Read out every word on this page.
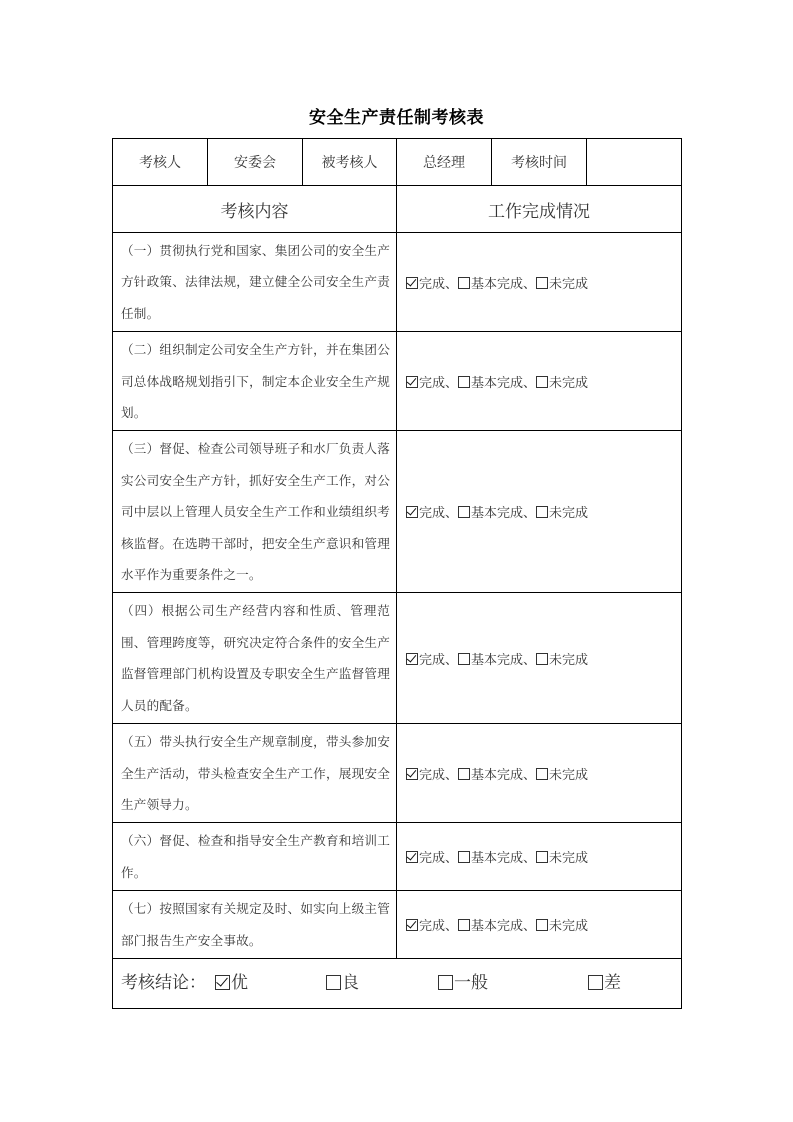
安全生产责任制考核表
考核人	安委会	被考核人	总经理	考核时间	
考核内容			工作完成情况		
（一）贯彻执行党和国家、集团公司的安全生产方针政策、法律法规，建立健全公司安全生产责任制。			完成、 基本完成、 未完成		
（二）组织制定公司安全生产方针，并在集团公司总体战略规划指引下，制定本企业安全生产规划。			完成、 基本完成、 未完成		
（三）督促、检查公司领导班子和水厂负责人落实公司安全生产方针，抓好安全生产工作，对公司中层以上管理人员安全生产工作和业绩组织考核监督。在选聘干部时，把安全生产意识和管理水平作为重要条件之一。			完成、 基本完成、 未完成		
（四）根据公司生产经营内容和性质、管理范围、管理跨度等，研究决定符合条件的安全生产监督管理部门机构设置及专职安全生产监督管理人员的配备。			完成、 基本完成、 未完成		
（五）带头执行安全生产规章制度，带头参加安全生产活动，带头检查安全生产工作，展现安全生产领导力。			完成、 基本完成、 未完成		
（六）督促、检查和指导安全生产教育和培训工作。			完成、 基本完成、 未完成		
（七）按照国家有关规定及时、如实向上级主管部门报告生产安全事故。			完成、 基本完成、 未完成		

考核结论： 优 良 一般 差					
